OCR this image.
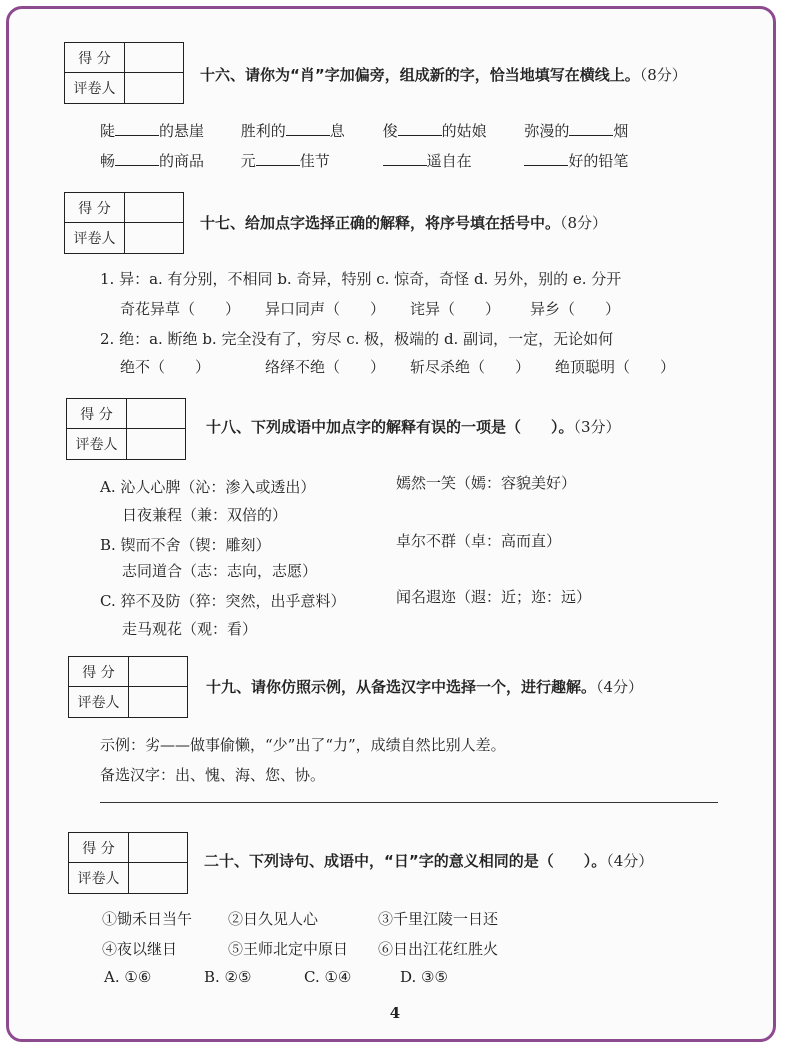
得 分
评卷人
十六、请你为“肖”字加偏旁，组成新的字，恰当地填写在横线上。（8分）
陡	的悬崖 胜利的	息	俊	的姑娘	弥漫的	烟
畅	的商品 元	佳节	遥自在	好的铅笔
得 分
评卷人
十七、给加点字选择正确的解释，将序号填在括号中。（8分）
1. 异：a. 有分别，不相同 b. 奇异，特别 c. 惊奇，奇怪 d. 另外，别的 e. 分开
奇花异草（　　） 异口同声（　　） 诧异（　　） 异乡（　　）
2. 绝：a. 断绝 b. 完全没有了，穷尽 c. 极，极端的 d. 副词，一定，无论如何
绝不（　　）	络绎不绝（　　） 斩尽杀绝（　　） 绝顶聪明（　　）
得 分
评卷人
十八、下列成语中加点字的解释有误的一项是（　　）。（3分）
A. 沁人心脾（沁：渗入或透出）	嫣然一笑（嫣：容貌美好）
日夜兼程（兼：双倍的）
B. 锲而不舍（锲：雕刻）	卓尔不群（卓：高而直）
志同道合（志：志向，志愿）
C. 猝不及防（猝：突然，出乎意料）	闻名遐迩（遐：近；迩：远）
走马观花（观：看）
得 分
评卷人
十九、请你仿照示例，从备选汉字中选择一个，进行趣解。（4分）
示例：劣——做事偷懒，“少”出了“力”，成绩自然比别人差。
备选汉字：出、愧、海、您、协。
得 分
评卷人
二十、下列诗句、成语中，“日”字的意义相同的是（　　）。（4分）
①锄禾日当午 ②日久见人心	③千里江陵一日还
④夜以继日	⑤王师北定中原日 ⑥日出江花红胜火
A. ①⑥	B. ②⑤	C. ①④	D. ③⑤
4
